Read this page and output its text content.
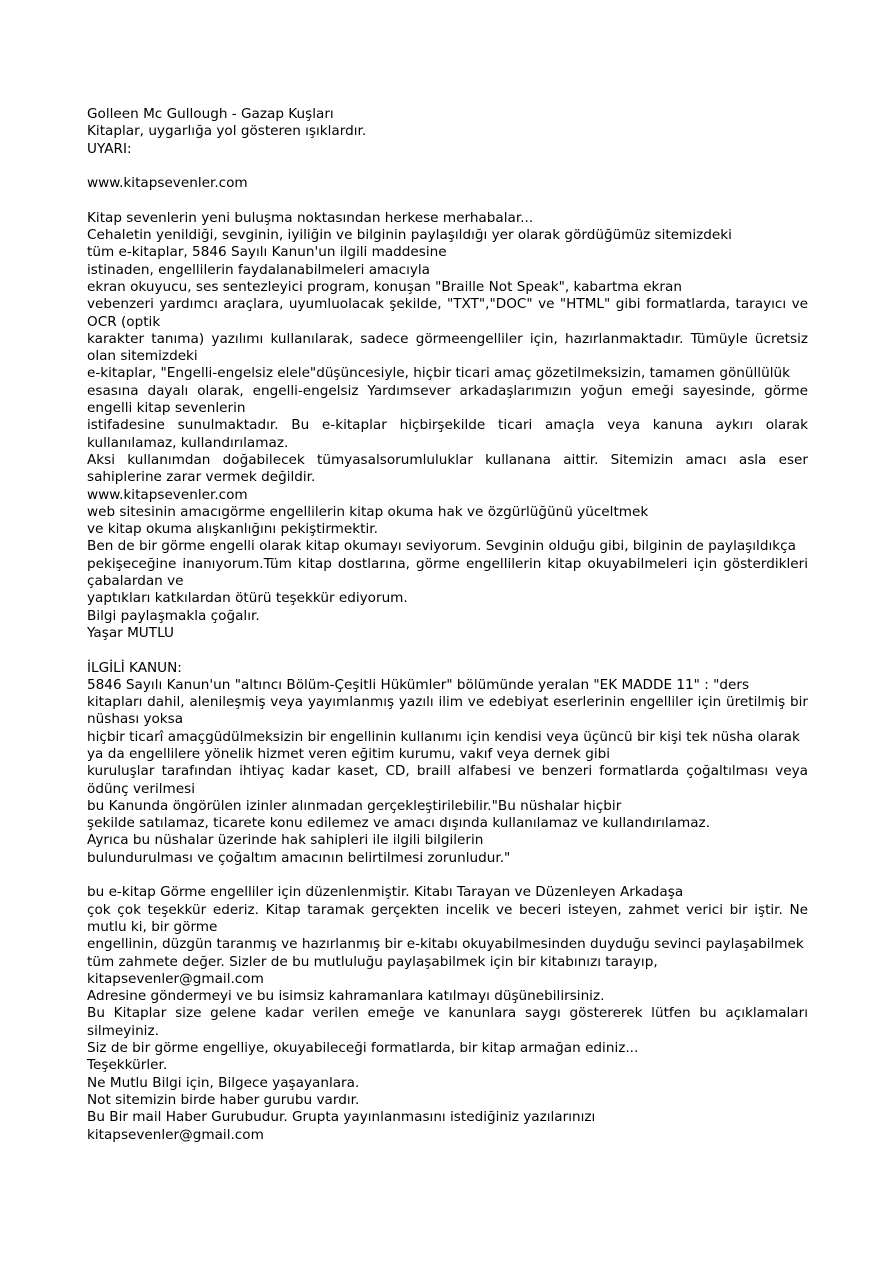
Golleen Mc Gullough - Gazap Kuşları

Kitaplar, uygarlığa yol gösteren ışıklardır.

UYARI:

www.kitapsevenler.com

Kitap sevenlerin yeni buluşma noktasından herkese merhabalar...

Cehaletin yenildiği, sevginin, iyiliğin ve bilginin paylaşıldığı yer olarak gördüğümüz sitemizdeki

tüm e-kitaplar, 5846 Sayılı Kanun'un ilgili maddesine

istinaden, engellilerin faydalanabilmeleri amacıyla

ekran okuyucu, ses sentezleyici program, konuşan "Braille Not Speak", kabartma ekran

vebenzeri yardımcı araçlara, uyumluolacak şekilde, "TXT","DOC" ve "HTML" gibi formatlarda, tarayıcı ve OCR (optik

karakter tanıma) yazılımı kullanılarak, sadece görmeengelliler için, hazırlanmaktadır. Tümüyle ücretsiz olan sitemizdeki

e-kitaplar, "Engelli-engelsiz elele"düşüncesiyle, hiçbir ticari amaç gözetilmeksizin, tamamen gönüllülük

esasına dayalı olarak, engelli-engelsiz Yardımsever arkadaşlarımızın yoğun emeği sayesinde, görme engelli kitap sevenlerin

istifadesine sunulmaktadır. Bu e-kitaplar hiçbirşekilde ticari amaçla veya kanuna aykırı olarak kullanılamaz, kullandırılamaz.

Aksi kullanımdan doğabilecek tümyasalsorumluluklar kullanana aittir. Sitemizin amacı asla eser sahiplerine zarar vermek değildir.

www.kitapsevenler.com

web sitesinin amacıgörme engellilerin kitap okuma hak ve özgürlüğünü yüceltmek

ve kitap okuma alışkanlığını pekiştirmektir.

Ben de bir görme engelli olarak kitap okumayı seviyorum. Sevginin olduğu gibi, bilginin de paylaşıldıkça

pekişeceğine inanıyorum.Tüm kitap dostlarına, görme engellilerin kitap okuyabilmeleri için gösterdikleri çabalardan ve

yaptıkları katkılardan ötürü teşekkür ediyorum.

Bilgi paylaşmakla çoğalır.

Yaşar MUTLU

İLGİLİ KANUN:

5846 Sayılı Kanun'un "altıncı Bölüm-Çeşitli Hükümler" bölümünde yeralan "EK MADDE 11" : "ders

kitapları dahil, alenileşmiş veya yayımlanmış yazılı ilim ve edebiyat eserlerinin engelliler için üretilmiş bir nüshası yoksa

hiçbir ticarî amaçgüdülmeksizin bir engellinin kullanımı için kendisi veya üçüncü bir kişi tek nüsha olarak

ya da engellilere yönelik hizmet veren eğitim kurumu, vakıf veya dernek gibi

kuruluşlar tarafından ihtiyaç kadar kaset, CD, braill alfabesi ve benzeri formatlarda çoğaltılması veya ödünç verilmesi

bu Kanunda öngörülen izinler alınmadan gerçekleştirilebilir."Bu nüshalar hiçbir

şekilde satılamaz, ticarete konu edilemez ve amacı dışında kullanılamaz ve kullandırılamaz.

Ayrıca bu nüshalar üzerinde hak sahipleri ile ilgili bilgilerin

bulundurulması ve çoğaltım amacının belirtilmesi zorunludur."

bu e-kitap Görme engelliler için düzenlenmiştir. Kitabı Tarayan ve Düzenleyen Arkadaşa

çok çok teşekkür ederiz. Kitap taramak gerçekten incelik ve beceri isteyen, zahmet verici bir iştir. Ne mutlu ki, bir görme

engellinin, düzgün taranmış ve hazırlanmış bir e-kitabı okuyabilmesinden duyduğu sevinci paylaşabilmek

tüm zahmete değer. Sizler de bu mutluluğu paylaşabilmek için bir kitabınızı tarayıp,

kitapsevenler@gmail.com

Adresine göndermeyi ve bu isimsiz kahramanlara katılmayı düşünebilirsiniz.

Bu Kitaplar size gelene kadar verilen emeğe ve kanunlara saygı göstererek lütfen bu açıklamaları silmeyiniz.

Siz de bir görme engelliye, okuyabileceği formatlarda, bir kitap armağan ediniz...

Teşekkürler.

Ne Mutlu Bilgi için, Bilgece yaşayanlara.

Not sitemizin birde haber gurubu vardır.

Bu Bir mail Haber Gurubudur. Grupta yayınlanmasını istediğiniz yazılarınızı

kitapsevenler@gmail.com
